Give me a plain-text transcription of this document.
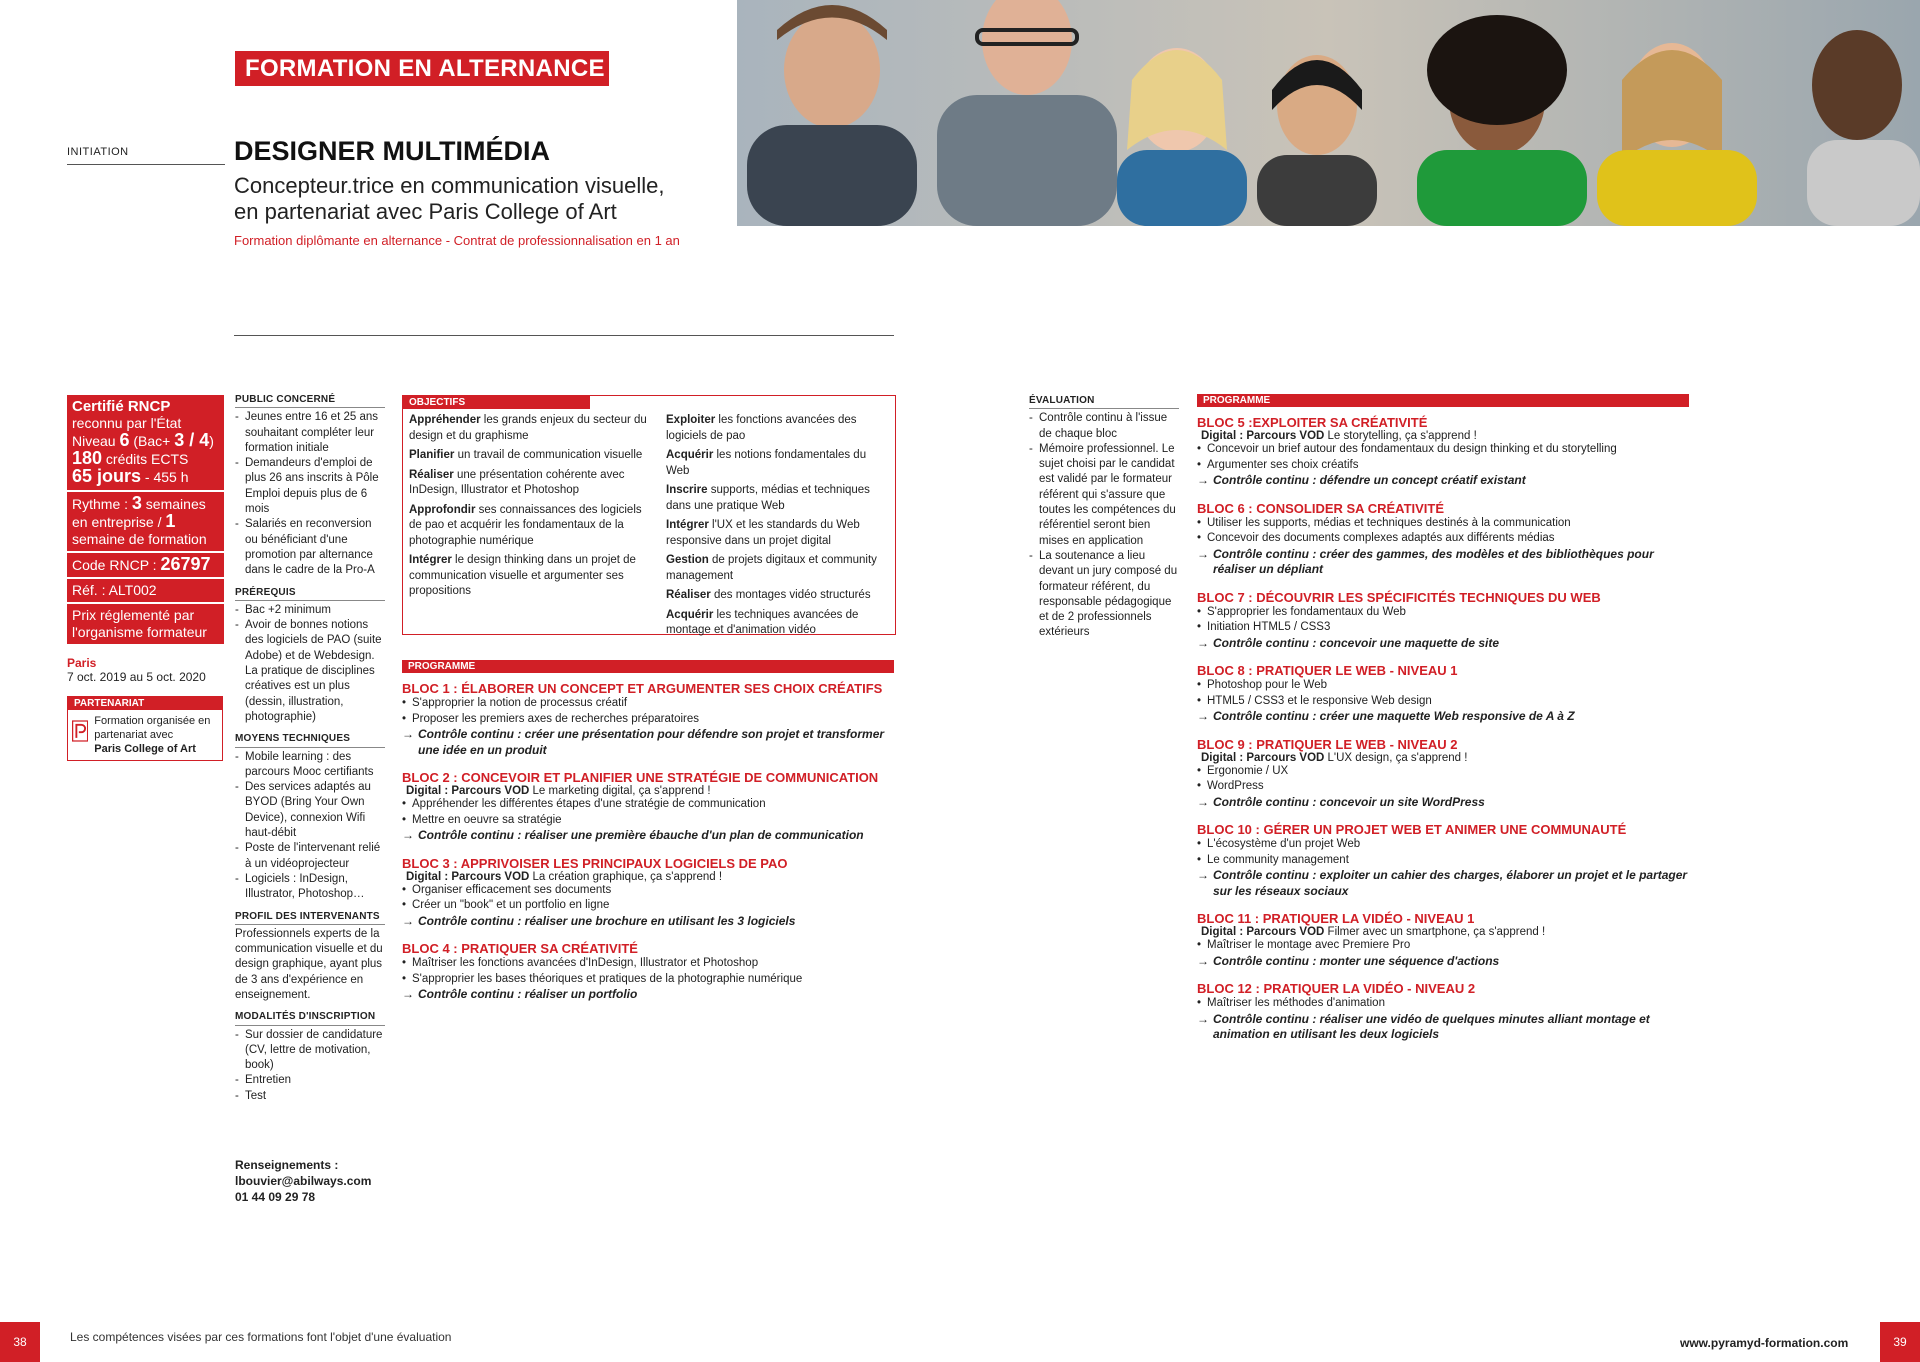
FORMATION EN ALTERNANCE
INITIATION	DESIGNER MULTIMÉDIA
Concepteur.trice en communication visuelle,
en partenariat avec Paris College of Art
Formation diplômante en alternance - Contrat de professionnalisation en 1 an
Certifié RNCP
reconnu par l'État
Niveau 6 (Bac+ 3 / 4)
180 crédits ECTS
65 jours - 455 h
Rythme : 3 semaines en entreprise / 1 semaine de formation
Code RNCP : 26797
Réf. : ALT002
Prix réglementé par l'organisme formateur
Paris
7 oct. 2019 au 5 oct. 2020
PARTENARIAT
Formation organisée en partenariat avec
Paris College of Art
PUBLIC CONCERNÉ
- Jeunes entre 16 et 25 ans souhaitant compléter leur formation initiale
- Demandeurs d'emploi de plus 26 ans inscrits à Pôle Emploi depuis plus de 6 mois
- Salariés en reconversion ou bénéficiant d'une promotion par alternance dans le cadre de la Pro-A
PRÉREQUIS
- Bac +2 minimum
- Avoir de bonnes notions des logiciels de PAO (suite Adobe) et de Webdesign. La pratique de disciplines créatives est un plus (dessin, illustration, photographie)
MOYENS TECHNIQUES
- Mobile learning : des parcours Mooc certifiants
- Des services adaptés au BYOD (Bring Your Own Device), connexion Wifi haut-débit
- Poste de l'intervenant relié à un vidéoprojecteur
- Logiciels : InDesign, Illustrator, Photoshop…
PROFIL DES INTERVENANTS
Professionnels experts de la communication visuelle et du design graphique, ayant plus de 3 ans d'expérience en enseignement.
MODALITÉS D'INSCRIPTION
- Sur dossier de candidature (CV, lettre de motivation, book)
- Entretien
- Test
Renseignements :
lbouvier@abilways.com
01 44 09 29 78
OBJECTIFS
Appréhender les grands enjeux du secteur du design et du graphisme
Planifier un travail de communication visuelle
Réaliser une présentation cohérente avec InDesign, Illustrator et Photoshop
Approfondir ses connaissances des logiciels de pao et acquérir les fondamentaux de la photographie numérique
Intégrer le design thinking dans un projet de communication visuelle et argumenter ses propositions
Exploiter les fonctions avancées des logiciels de pao
Acquérir les notions fondamentales du Web
Inscrire supports, médias et techniques dans une pratique Web
Intégrer l'UX et les standards du Web responsive dans un projet digital
Gestion de projets digitaux et community management
Réaliser des montages vidéo structurés
Acquérir les techniques avancées de montage et d'animation vidéo
PROGRAMME
BLOC 1 : ÉLABORER UN CONCEPT ET ARGUMENTER SES CHOIX CRÉATIFS
• S'approprier la notion de processus créatif
• Proposer les premiers axes de recherches préparatoires
→ Contrôle continu : créer une présentation pour défendre son projet et transformer une idée en un produit
BLOC 2 : CONCEVOIR ET PLANIFIER UNE STRATÉGIE DE COMMUNICATION
Digital : Parcours VOD Le marketing digital, ça s'apprend !
• Appréhender les différentes étapes d'une stratégie de communication
• Mettre en oeuvre sa stratégie
→ Contrôle continu : réaliser une première ébauche d'un plan de communication
BLOC 3 : APPRIVOISER LES PRINCIPAUX LOGICIELS DE PAO
Digital : Parcours VOD La création graphique, ça s'apprend !
• Organiser efficacement ses documents
• Créer un "book" et un portfolio en ligne
→ Contrôle continu : réaliser une brochure en utilisant les 3 logiciels
BLOC 4 : PRATIQUER SA CRÉATIVITÉ
• Maîtriser les fonctions avancées d'InDesign, Illustrator et Photoshop
• S'approprier les bases théoriques et pratiques de la photographie numérique
→ Contrôle continu : réaliser un portfolio
ÉVALUATION
- Contrôle continu à l'issue de chaque bloc
- Mémoire professionnel. Le sujet choisi par le candidat est validé par le formateur référent qui s'assure que toutes les compétences du référentiel seront bien mises en application
- La soutenance a lieu devant un jury composé du formateur référent, du responsable pédagogique et de 2 professionnels extérieurs
PROGRAMME
BLOC 5 :EXPLOITER SA CRÉATIVITÉ
Digital : Parcours VOD Le storytelling, ça s'apprend !
• Concevoir un brief autour des fondamentaux du design thinking et du storytelling
• Argumenter ses choix créatifs
→ Contrôle continu : défendre un concept créatif existant
BLOC 6 : CONSOLIDER SA CRÉATIVITÉ
• Utiliser les supports, médias et techniques destinés à la communication
• Concevoir des documents complexes adaptés aux différents médias
→ Contrôle continu : créer des gammes, des modèles et des bibliothèques pour réaliser un dépliant
BLOC 7 : DÉCOUVRIR LES SPÉCIFICITÉS TECHNIQUES DU WEB
• S'approprier les fondamentaux du Web
• Initiation HTML5 / CSS3
→ Contrôle continu : concevoir une maquette de site
BLOC 8 : PRATIQUER LE WEB - NIVEAU 1
• Photoshop pour le Web
• HTML5 / CSS3 et le responsive Web design
→ Contrôle continu : créer une maquette Web responsive de A à Z
BLOC 9 : PRATIQUER LE WEB - NIVEAU 2
Digital : Parcours VOD L'UX design, ça s'apprend !
• Ergonomie / UX
• WordPress
→ Contrôle continu : concevoir un site WordPress
BLOC 10 : GÉRER UN PROJET WEB ET ANIMER UNE COMMUNAUTÉ
• L'écosystème d'un projet Web
• Le community management
→ Contrôle continu : exploiter un cahier des charges, élaborer un projet et le partager sur les réseaux sociaux
BLOC 11 : PRATIQUER LA VIDÉO - NIVEAU 1
Digital : Parcours VOD Filmer avec un smartphone, ça s'apprend !
• Maîtriser le montage avec Premiere Pro
→ Contrôle continu : monter une séquence d'actions
BLOC 12 : PRATIQUER LA VIDÉO - NIVEAU 2
• Maîtriser les méthodes d'animation
→ Contrôle continu : réaliser une vidéo de quelques minutes alliant montage et animation en utilisant les deux logiciels
38	Les compétences visées par ces formations font l'objet d'une évaluation	www.pyramyd-formation.com	39
